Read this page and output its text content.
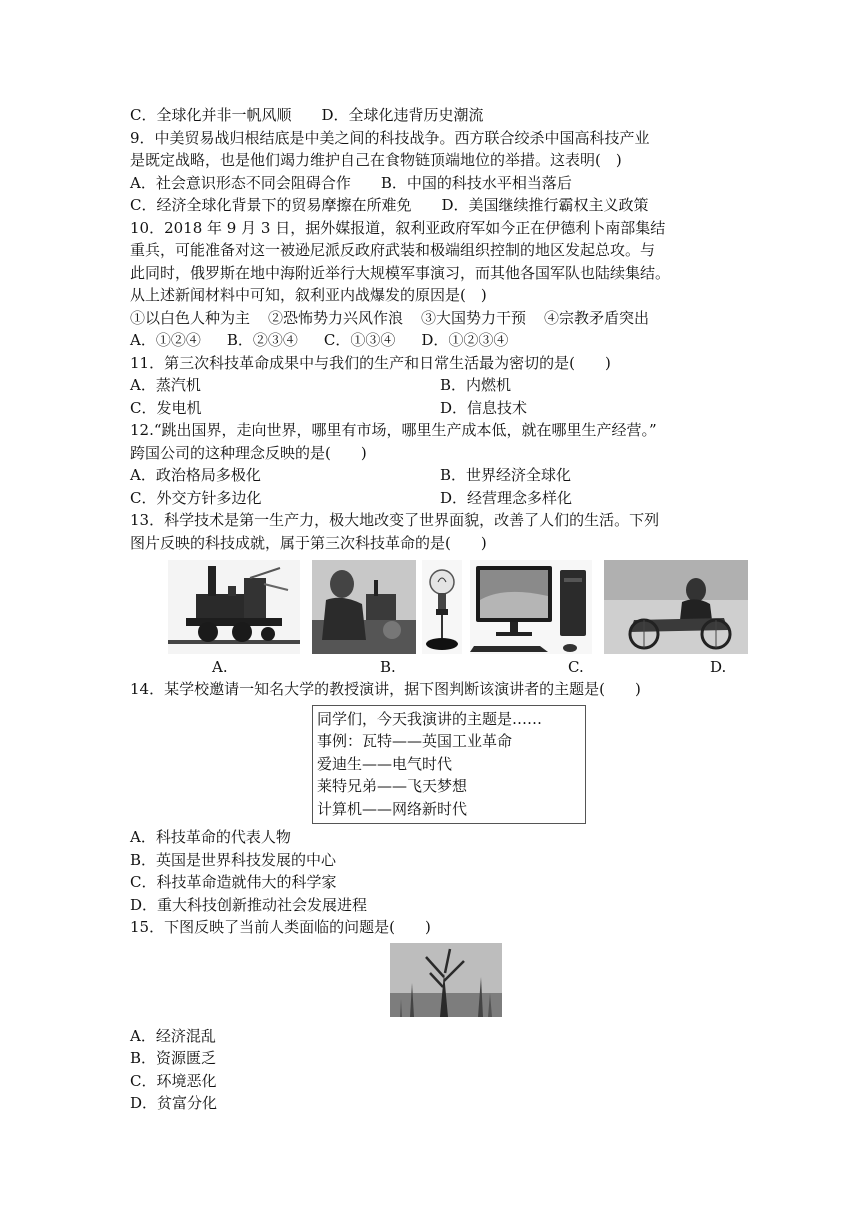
C．全球化并非一帆风顺 D．全球化违背历史潮流
9．中美贸易战归根结底是中美之间的科技战争。西方联合绞杀中国高科技产业
是既定战略，也是他们竭力维护自己在食物链顶端地位的举措。这表明(　)
A．社会意识形态不同会阻碍合作 B．中国的科技水平相当落后
C．经济全球化背景下的贸易摩擦在所难免 D．美国继续推行霸权主义政策
10．2018 年 9 月 3 日，据外媒报道，叙利亚政府军如今正在伊德利卜南部集结
重兵，可能准备对这一被逊尼派反政府武装和极端组织控制的地区发起总攻。与
此同时，俄罗斯在地中海附近举行大规模军事演习，而其他各国军队也陆续集结。
从上述新闻材料中可知，叙利亚内战爆发的原因是(　)
①以白色人种为主 ②恐怖势力兴风作浪 ③大国势力干预 ④宗教矛盾突出
A．①②④ B．②③④ C．①③④ D．①②③④
11．第三次科技革命成果中与我们的生产和日常生活最为密切的是(　　)
A．蒸汽机	B．内燃机
C．发电机	D．信息技术
12.“跳出国界，走向世界，哪里有市场，哪里生产成本低，就在哪里生产经营。”
跨国公司的这种理念反映的是(　　)
A．政治格局多极化	B．世界经济全球化
C．外交方针多边化	D．经营理念多样化
13．科学技术是第一生产力，极大地改变了世界面貌，改善了人们的生活。下列
图片反映的科技成就，属于第三次科技革命的是(　　)
A.	B.	C.	D.
14．某学校邀请一知名大学的教授演讲，据下图判断该演讲者的主题是(　　)
同学们，今天我演讲的主题是……
事例：瓦特——英国工业革命
爱迪生——电气时代
莱特兄弟——飞天梦想
计算机——网络新时代
A．科技革命的代表人物
B．英国是世界科技发展的中心
C．科技革命造就伟大的科学家
D．重大科技创新推动社会发展进程
15．下图反映了当前人类面临的问题是(　　)
A．经济混乱
B．资源匮乏
C．环境恶化
D．贫富分化
